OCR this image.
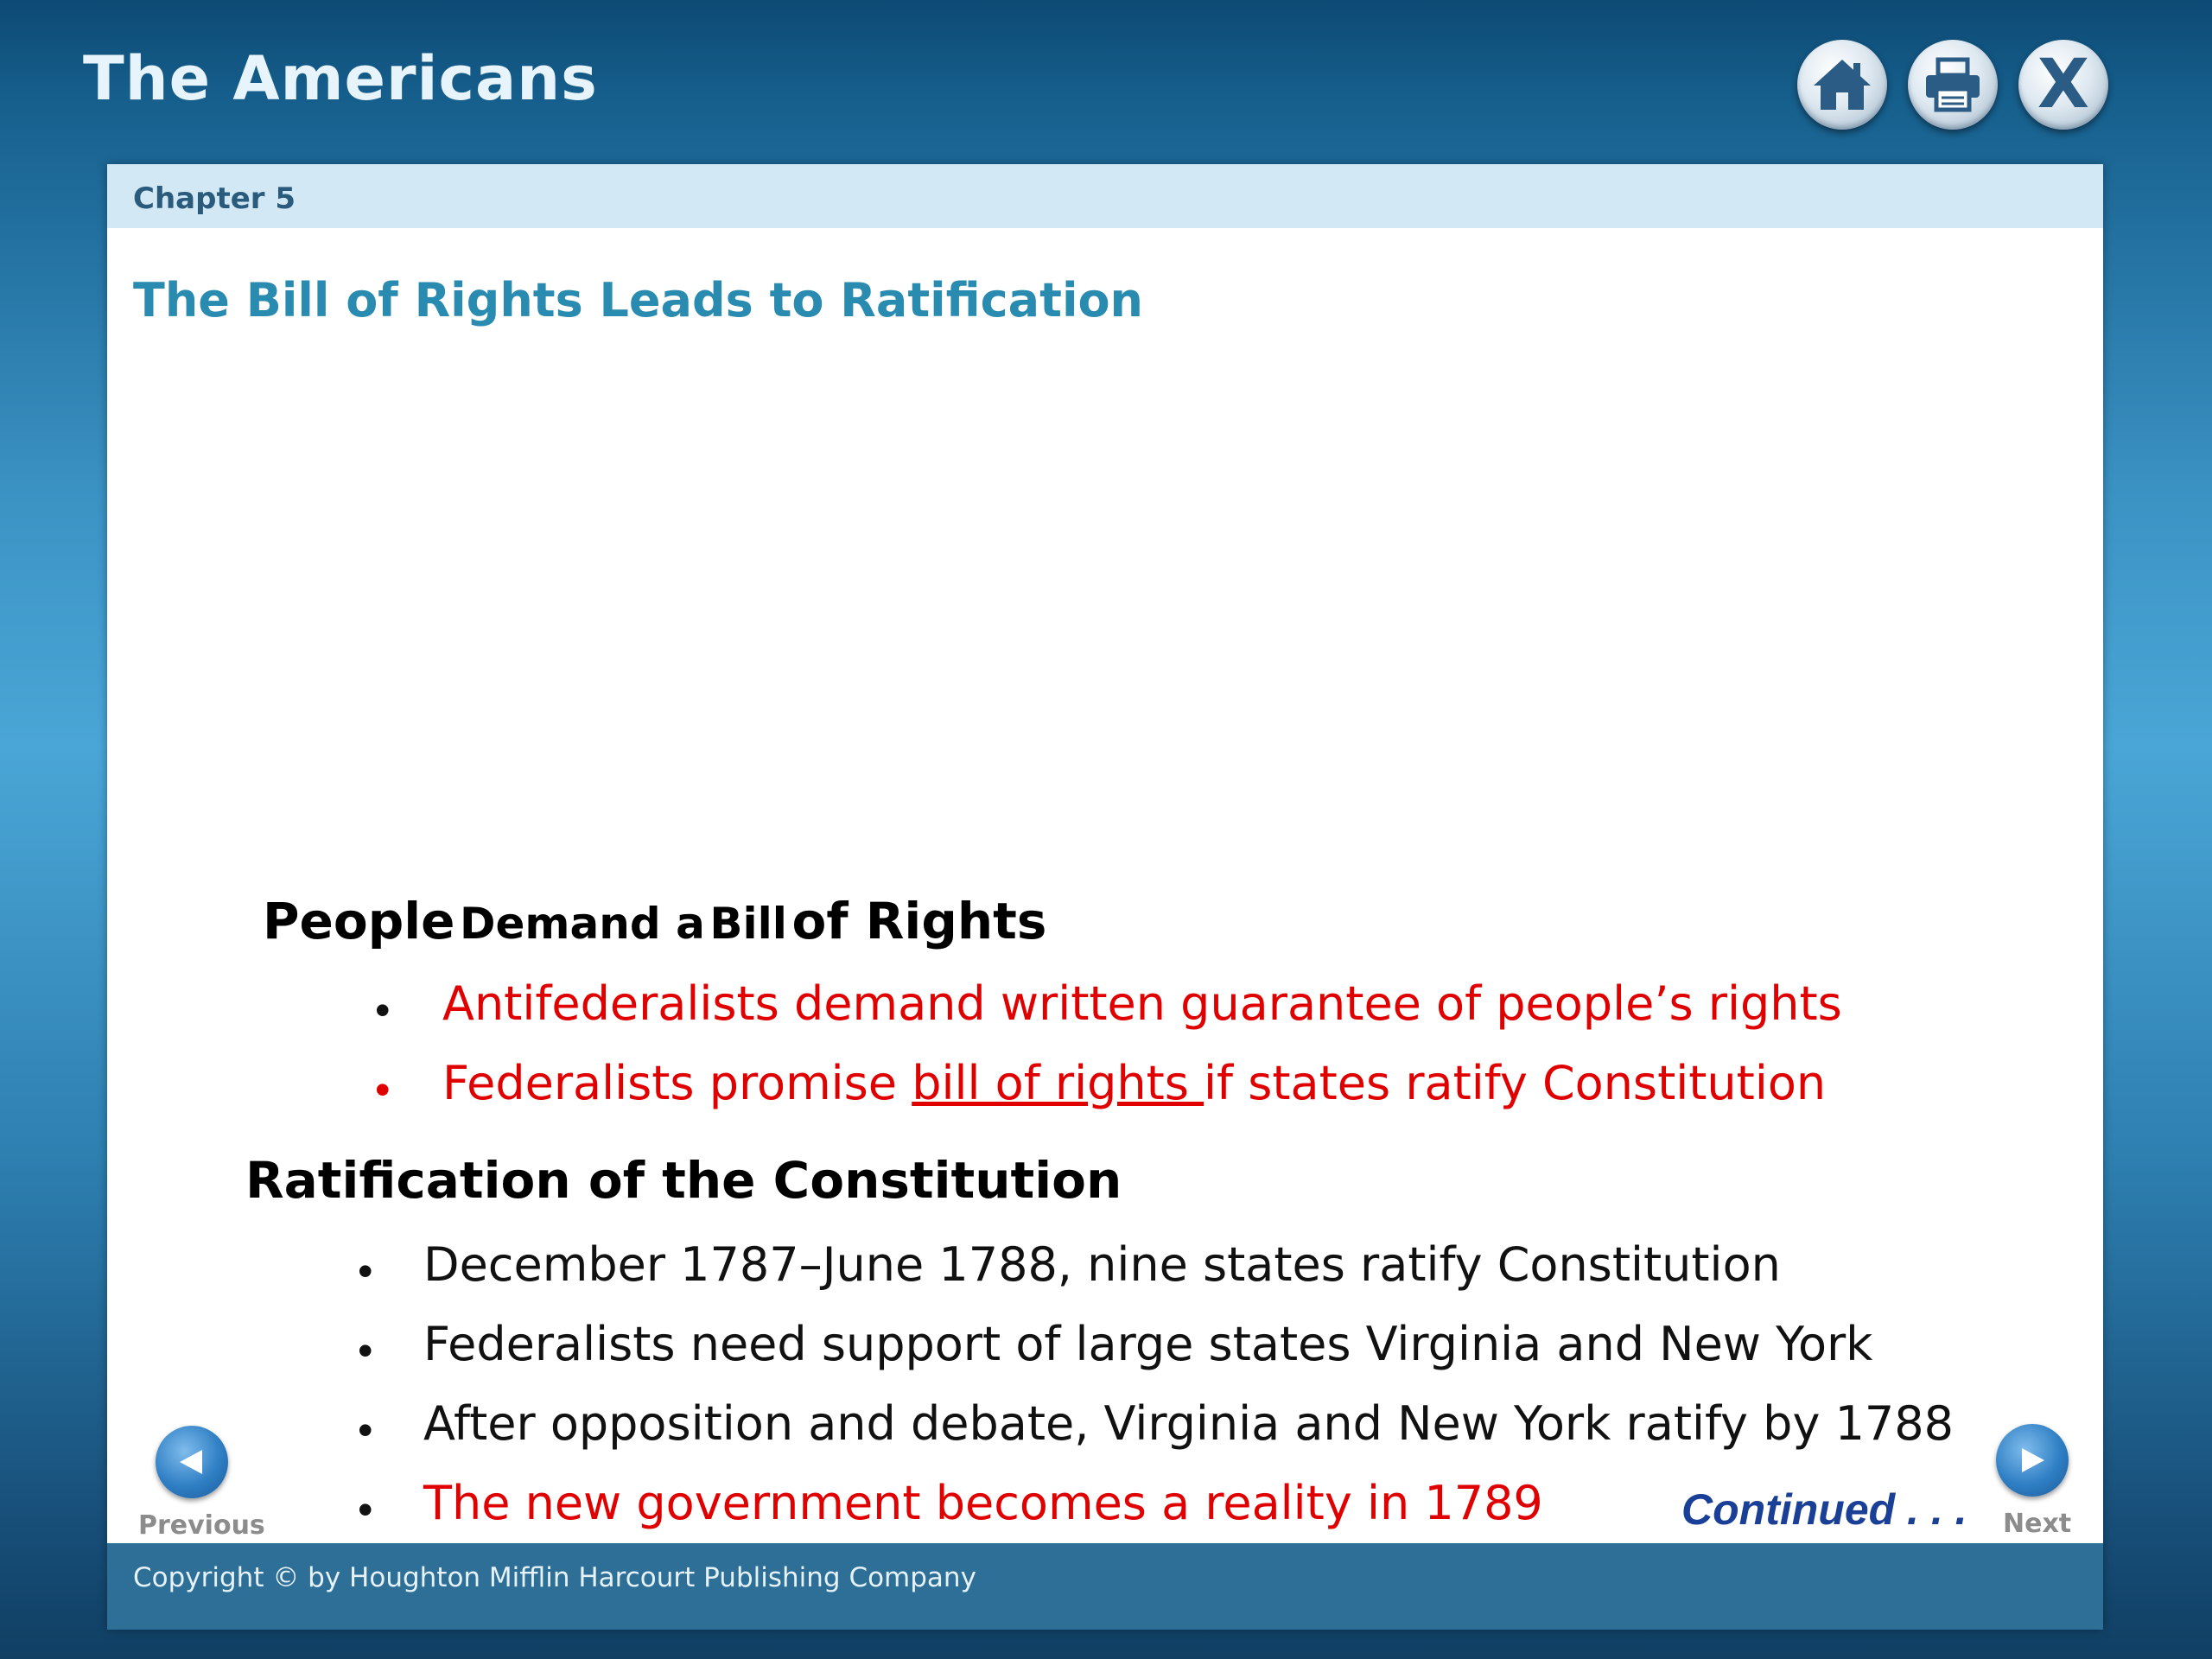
The Americans	X
Chapter 5
The Bill of Rights Leads to Ratification
People Demand a Bill of Rights
• Antifederalists demand written guarantee of people’s rights
• Federalists promise bill of rights if states ratify Constitution
Ratification of the Constitution
• December 1787–June 1788, nine states ratify Constitution
• Federalists need support of large states Virginia and New York
• After opposition and debate, Virginia and New York ratify by 1788
• The new government becomes a reality in 1789	Continued . . .
Previous	Next
Copyright © by Houghton Mifflin Harcourt Publishing Company
